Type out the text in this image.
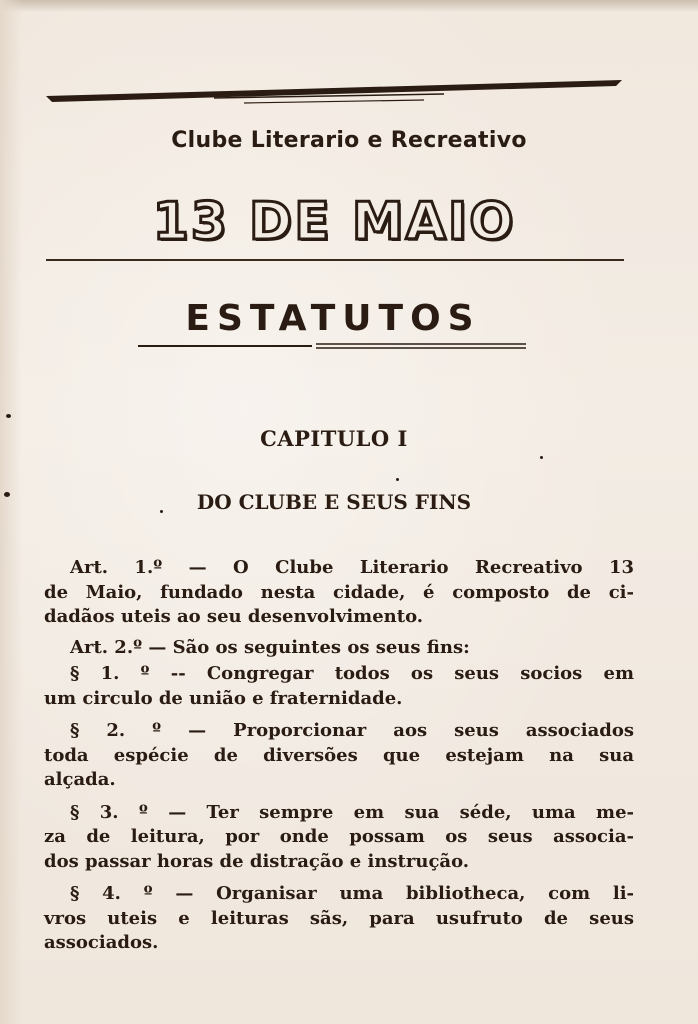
Clube Literario e Recreativo
13 DE MAIO
ESTATUTOS
CAPITULO I
DO CLUBE E SEUS FINS
Art. 1.º — O Clube Literario Recreativo 13
de Maio, fundado nesta cidade, é composto de ci-
dadãos uteis ao seu desenvolvimento.
Art. 2.º — São os seguintes os seus fins:
§ 1. º -- Congregar todos os seus socios em
um circulo de união e fraternidade.
§ 2. º — Proporcionar aos seus associados
toda espécie de diversões que estejam na sua
alçada.
§ 3. º — Ter sempre em sua séde, uma me-
za de leitura, por onde possam os seus associa-
dos passar horas de distração e instrução.
§ 4. º — Organisar uma bibliotheca, com li-
vros uteis e leituras sãs, para usufruto de seus
associados.
